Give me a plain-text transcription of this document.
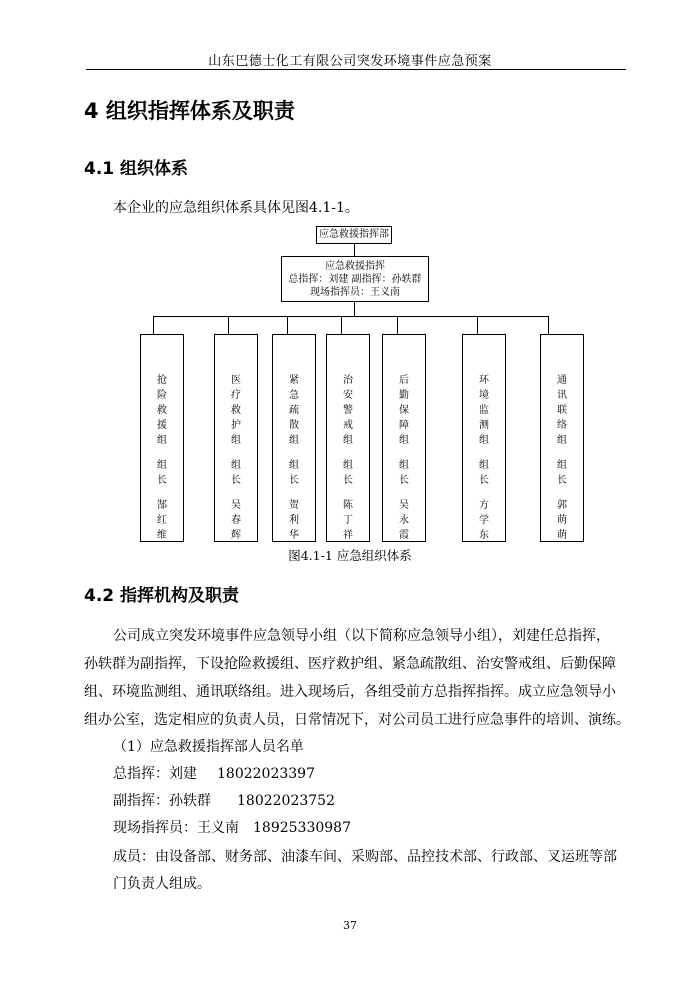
山东巴德士化工有限公司突发环境事件应急预案
4 组织指挥体系及职责
4.1 组织体系
本企业的应急组织体系具体见图4.1-1。
应急救援指挥部
应急救援指挥
总指挥：刘建 副指挥：孙轶群
现场指挥员：王义南
抢险救援组
组长
郜红维
医疗救护组
组长
吴春辉
紧急疏散组
组长
贺利华
治安警戒组
组长
陈丁祥
后勤保障组
组长
吴永霞
环境监测组
组长
方学东
通讯联络组
组长
郭萌萌
图4.1-1 应急组织体系
4.2 指挥机构及职责
公司成立突发环境事件应急领导小组（以下简称应急领导小组），刘建任总指挥，
孙轶群为副指挥，下设抢险救援组、医疗救护组、紧急疏散组、治安警戒组、后勤保障
组、环境监测组、通讯联络组。进入现场后，各组受前方总指挥指挥。成立应急领导小
组办公室，选定相应的负责人员，日常情况下，对公司员工进行应急事件的培训、演练。
（1）应急救援指挥部人员名单
总指挥：刘建 18022023397
副指挥：孙轶群 18022023752
现场指挥员：王义南 18925330987
成员：由设备部、财务部、油漆车间、采购部、品控技术部、行政部、叉运班等部
门负责人组成。
37
